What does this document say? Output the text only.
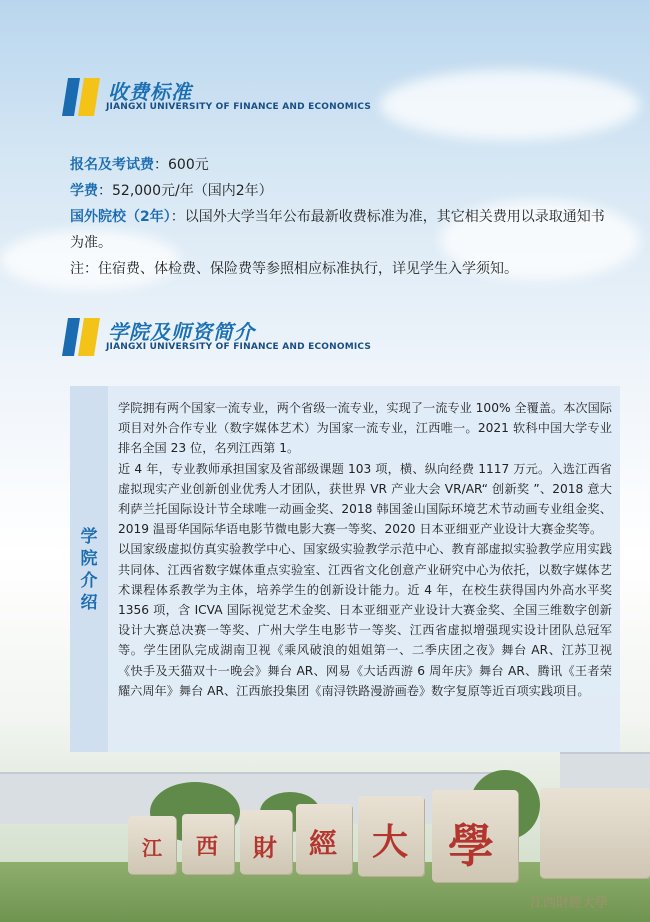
收费标准
JIANGXI UNIVERSITY OF FINANCE AND ECONOMICS

报名及考试费：600元

学费：52,000元/年（国内2年）

国外院校（2年）：以国外大学当年公布最新收费标准为准，其它相关费用以录取通知书为准。

注：住宿费、体检费、保险费等参照相应标准执行，详见学生入学须知。

学院及师资简介
JIANGXI UNIVERSITY OF FINANCE AND ECONOMICS
学院介绍

学院拥有两个国家一流专业，两个省级一流专业，实现了一流专业 100% 全覆盖。本次国际项目对外合作专业（数字媒体艺术）为国家一流专业，江西唯一。2021 软科中国大学专业排名全国 23 位，名列江西第 1。

近 4 年，专业教师承担国家及省部级课题 103 项，横、纵向经费 1117 万元。入选江西省虚拟现实产业创新创业优秀人才团队，获世界 VR 产业大会 VR/AR“ 创新奖 ”、2018 意大利萨兰托国际设计节全球唯一动画金奖、2018 韩国釜山国际环境艺术节动画专业组金奖、2019 温哥华国际华语电影节微电影大赛一等奖、2020 日本亚细亚产业设计大赛金奖等。

以国家级虚拟仿真实验教学中心、国家级实验教学示范中心、教育部虚拟实验教学应用实践共同体、江西省数字媒体重点实验室、江西省文化创意产业研究中心为依托，以数字媒体艺术课程体系教学为主体，培养学生的创新设计能力。近 4 年，在校生获得国内外高水平奖 1356 项，含 ICVA 国际视觉艺术金奖、日本亚细亚产业设计大赛金奖、全国三维数字创新设计大赛总决赛一等奖、广州大学生电影节一等奖、江西省虚拟增强现实设计团队总冠军等。学生团队完成湖南卫视《乘风破浪的姐姐第一、二季庆团之夜》舞台 AR、江苏卫视《快手及天猫双十一晚会》舞台 AR、网易《大话西游 6 周年庆》舞台 AR、腾讯《王者荣耀六周年》舞台 AR、江西旅投集团《南浔铁路漫游画卷》数字复原等近百项实践项目。

江 西 財 經 大 學
江西財經大學
